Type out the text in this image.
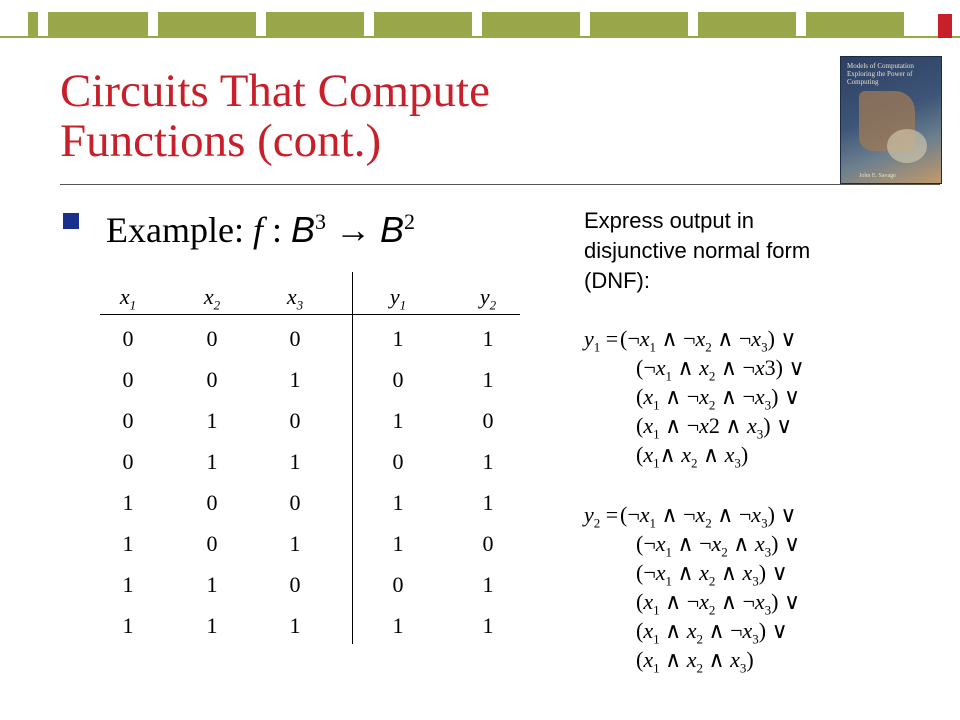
Circuits That Compute
Functions (cont.)
Models of Computation
Exploring the Power of Computing
John E. Savage
Example: f : $B^3 \to B^2$
$x_1$	$x_2$	$x_3$	$y_1$	$y_2$
0	0	0	1	1
0	0	1	0	1
0	1	0	1	0
0	1	1	0	1
1	0	0	1	1
1	0	1	1	0
1	1	0	0	1
1	1	1	1	1
Express output in
disjunctive normal form
(DNF):
$y_1$ = ($\neg x_1$ ∧ $\neg x_2$ ∧ $\neg x_3$) ∨
($\neg x_1$ ∧ $x_2$ ∧ ¬x3) ∨
($x_1$ ∧ $\neg x_2$ ∧ $\neg x_3$) ∨
($x_1$ ∧ ¬x2 ∧ $x_3$) ∨
($x_1\wedge$ $x_2$ ∧ $x_3$)
$y_2$ = ($\neg x_1$ ∧ $\neg x_2$ ∧ $\neg x_3$) ∨
($\neg x_1$ ∧ $\neg x_2$ ∧ $x_3$) ∨
($\neg x_1$ ∧ $x_2$ ∧ $x_3$) ∨
($x_1$ ∧ $\neg x_2$ ∧ $\neg x_3$) ∨
($x_1$ ∧ $x_2$ ∧ $\neg x_3$) ∨
($x_1$ ∧ $x_2$ ∧ $x_3$)
